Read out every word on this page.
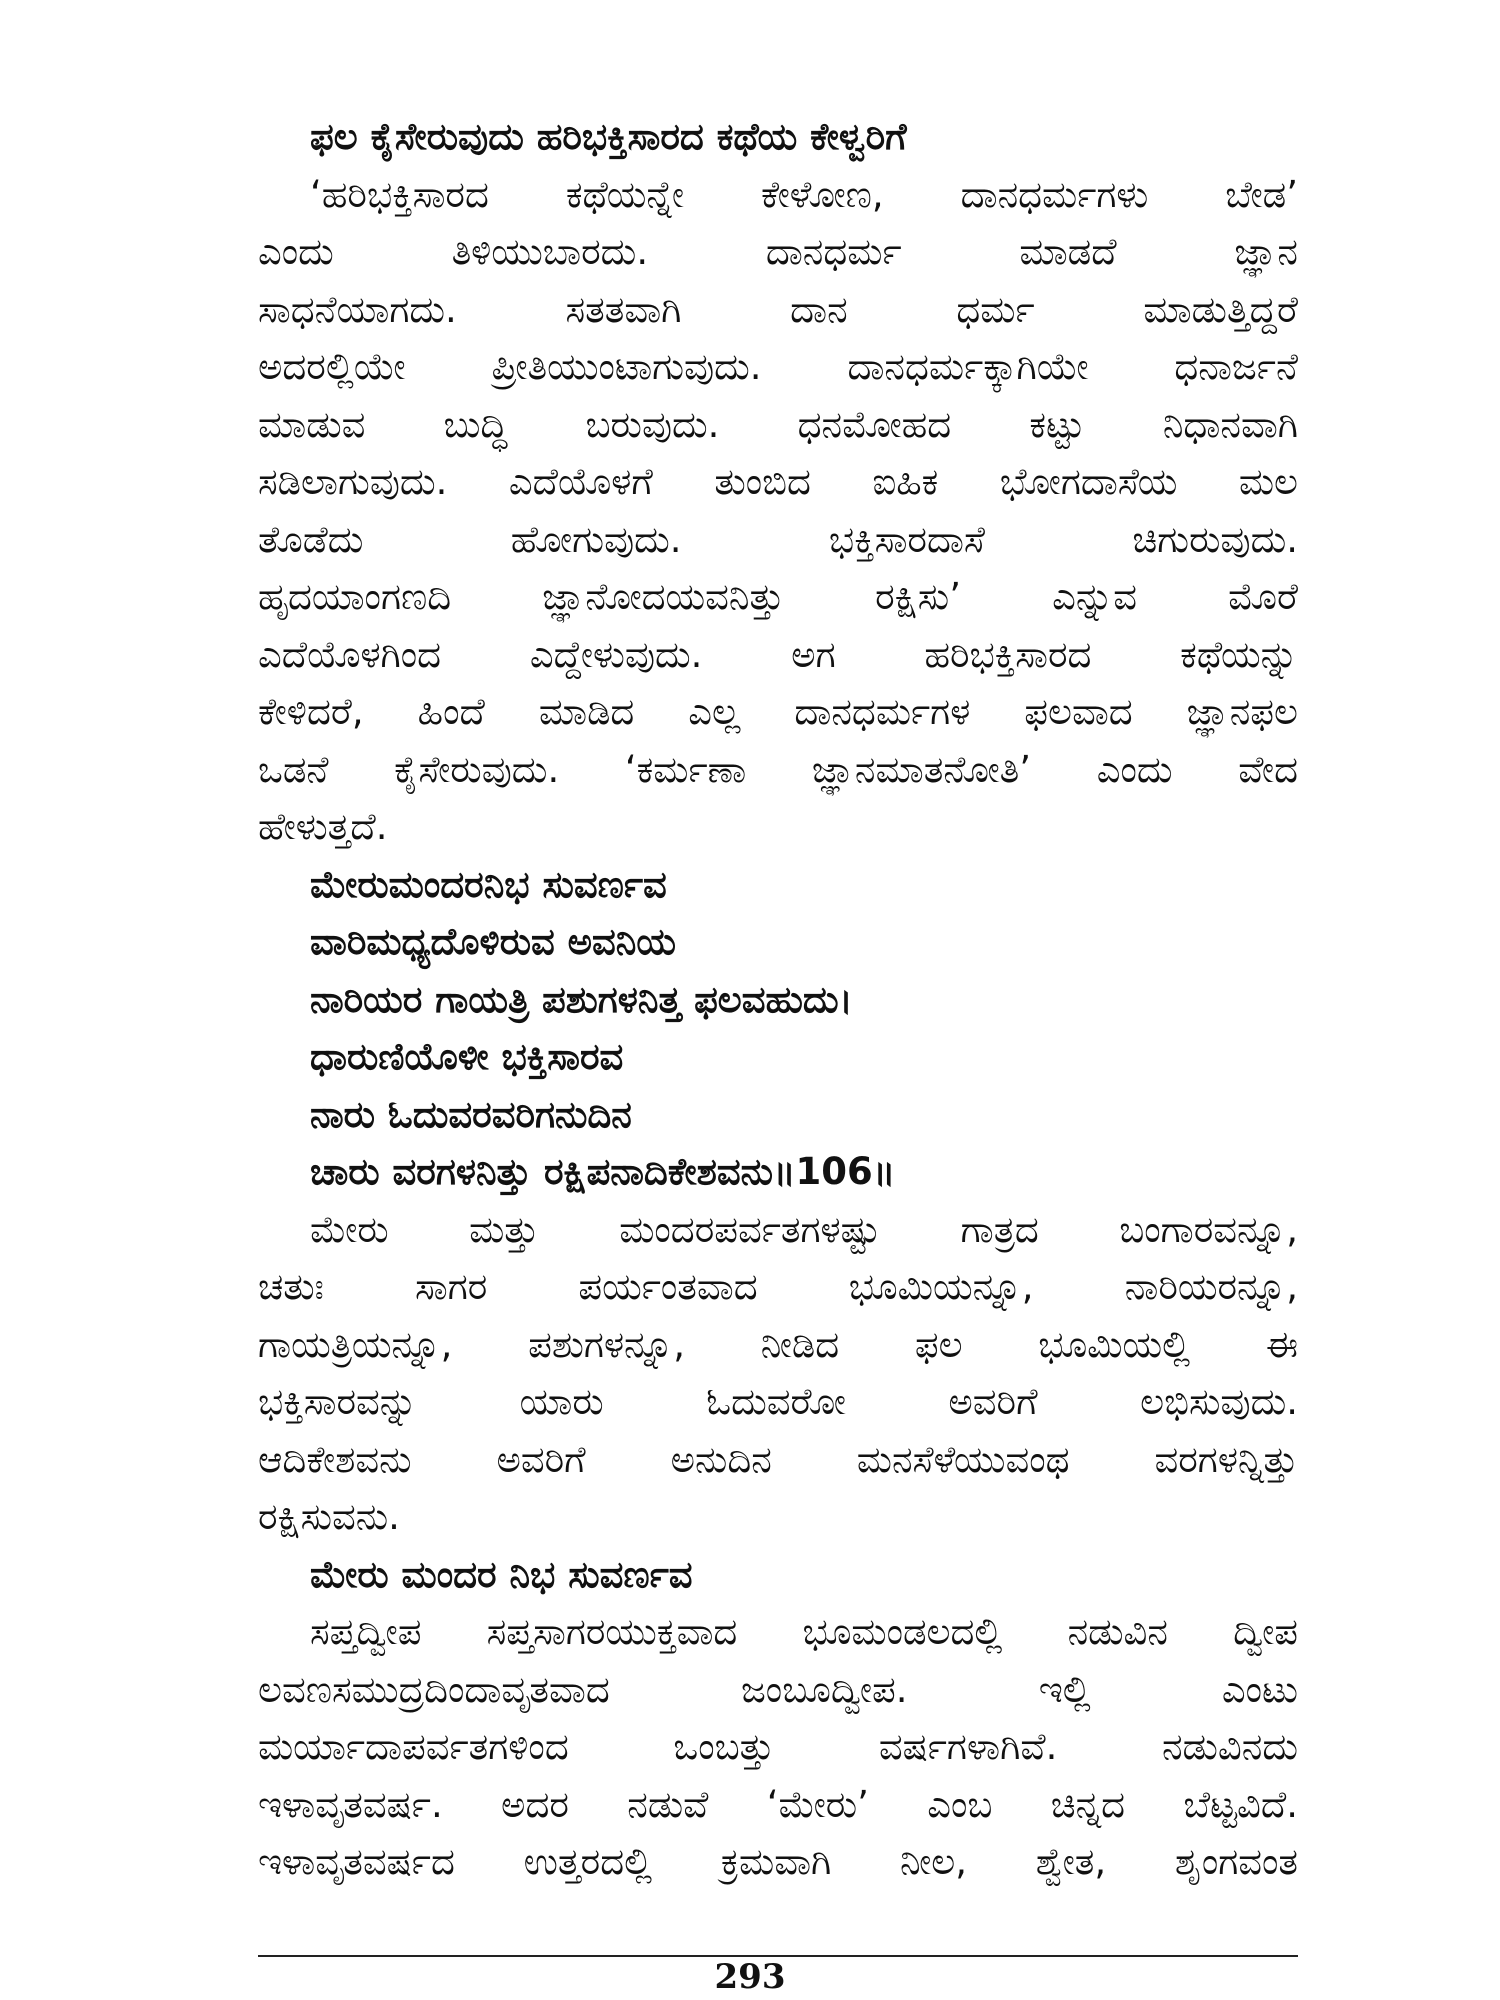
ಫಲ ಕೈಸೇರುವುದು ಹರಿಭಕ್ತಿಸಾರದ ಕಥೆಯ ಕೇಳ್ವರಿಗೆ
‘ಹರಿಭಕ್ತಿಸಾರದ ಕಥೆಯನ್ನೇ ಕೇಳೋಣ, ದಾನಧರ್ಮಗಳು ಬೇಡ’
ಎಂದು ತಿಳಿಯುಬಾರದು. ದಾನಧರ್ಮ ಮಾಡದೆ ಜ್ಞಾನ
ಸಾಧನೆಯಾಗದು. ಸತತವಾಗಿ ದಾನ ಧರ್ಮ ಮಾಡುತ್ತಿದ್ದರೆ
ಅದರಲ್ಲಿಯೇ ಪ್ರೀತಿಯುಂಟಾಗುವುದು. ದಾನಧರ್ಮಕ್ಕಾಗಿಯೇ ಧನಾರ್ಜನೆ
ಮಾಡುವ ಬುದ್ಧಿ ಬರುವುದು. ಧನಮೋಹದ ಕಟ್ಟು ನಿಧಾನವಾಗಿ
ಸಡಿಲಾಗುವುದು. ಎದೆಯೊಳಗೆ ತುಂಬಿದ ಐಹಿಕ ಭೋಗದಾಸೆಯ ಮಲ
ತೊಡೆದು ಹೋಗುವುದು. ಭಕ್ತಿಸಾರದಾಸೆ ಚಿಗುರುವುದು.
ಹೃದಯಾಂಗಣದಿ ಜ್ಞಾನೋದಯವನಿತ್ತು ರಕ್ಷಿಸು’ ಎನ್ನುವ ಮೊರೆ
ಎದೆಯೊಳಗಿಂದ ಎದ್ದೇಳುವುದು. ಅಗ ಹರಿಭಕ್ತಿಸಾರದ ಕಥೆಯನ್ನು
ಕೇಳಿದರೆ, ಹಿಂದೆ ಮಾಡಿದ ಎಲ್ಲ ದಾನಧರ್ಮಗಳ ಫಲವಾದ ಜ್ಞಾನಫಲ
ಒಡನೆ ಕೈಸೇರುವುದು. ‘ಕರ್ಮಣಾ ಜ್ಞಾನಮಾತನೋತಿ’ ಎಂದು ವೇದ
ಹೇಳುತ್ತದೆ.
ಮೇರುಮಂದರನಿಭ ಸುವರ್ಣವ
ವಾರಿಮಧ್ಯದೊಳಿರುವ ಅವನಿಯ
ನಾರಿಯರ ಗಾಯತ್ರಿ ಪಶುಗಳನಿತ್ತ ಫಲವಹುದು।
ಧಾರುಣಿಯೊಳೀ ಭಕ್ತಿಸಾರವ
ನಾರು ಓದುವರವರಿಗನುದಿನ
ಚಾರು ವರಗಳನಿತ್ತು ರಕ್ಷಿಪನಾದಿಕೇಶವನು॥106॥
ಮೇರು ಮತ್ತು ಮಂದರಪರ್ವತಗಳಷ್ಟು ಗಾತ್ರದ ಬಂಗಾರವನ್ನೂ,
ಚತುಃ ಸಾಗರ ಪರ್ಯಂತವಾದ ಭೂಮಿಯನ್ನೂ, ನಾರಿಯರನ್ನೂ,
ಗಾಯತ್ರಿಯನ್ನೂ, ಪಶುಗಳನ್ನೂ, ನೀಡಿದ ಫಲ ಭೂಮಿಯಲ್ಲಿ ಈ
ಭಕ್ತಿಸಾರವನ್ನು ಯಾರು ಓದುವರೋ ಅವರಿಗೆ ಲಭಿಸುವುದು.
ಆದಿಕೇಶವನು ಅವರಿಗೆ ಅನುದಿನ ಮನಸೆಳೆಯುವಂಥ ವರಗಳನ್ನಿತ್ತು
ರಕ್ಷಿಸುವನು.
ಮೇರು ಮಂದರ ನಿಭ ಸುವರ್ಣವ
ಸಪ್ತದ್ವೀಪ ಸಪ್ತಸಾಗರಯುಕ್ತವಾದ ಭೂಮಂಡಲದಲ್ಲಿ ನಡುವಿನ ದ್ವೀಪ
ಲವಣಸಮುದ್ರದಿಂದಾವೃತವಾದ ಜಂಬೂದ್ವೀಪ. ಇಲ್ಲಿ ಎಂಟು
ಮರ್ಯಾದಾಪರ್ವತಗಳಿಂದ ಒಂಬತ್ತು ವರ್ಷಗಳಾಗಿವೆ. ನಡುವಿನದು
ಇಳಾವೃತವರ್ಷ. ಅದರ ನಡುವೆ ‘ಮೇರು’ ಎಂಬ ಚಿನ್ನದ ಬೆಟ್ಟವಿದೆ.
ಇಳಾವೃತವರ್ಷದ ಉತ್ತರದಲ್ಲಿ ಕ್ರಮವಾಗಿ ನೀಲ, ಶ್ವೇತ, ಶೃಂಗವಂತ
293
